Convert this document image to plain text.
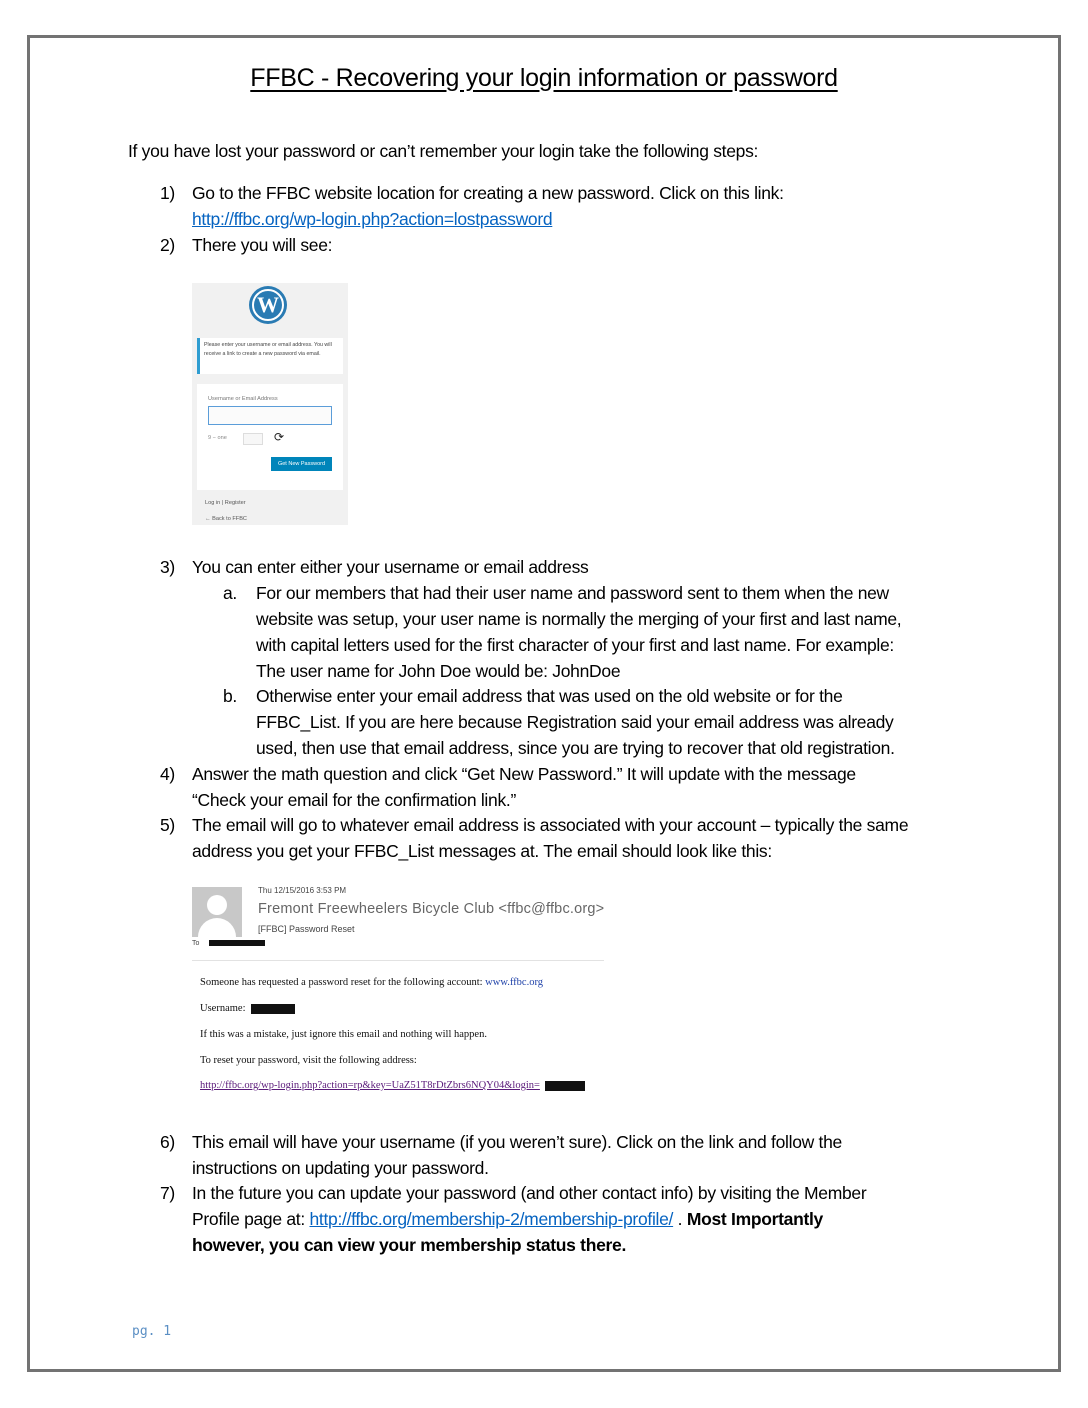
FFBC - Recovering your login information or password
If you have lost your password or can’t remember your login take the following steps:
1) Go to the FFBC website location for creating a new password. Click on this link:
http://ffbc.org/wp-login.php?action=lostpassword
2) There you will see:
W
Please enter your username or email address. You will receive a link to create a new password via email.
Username or Email Address
9 − one	⟳
Get New Password
Log in | Register
← Back to FFBC
3) You can enter either your username or email address
a. For our members that had their user name and password sent to them when the new
website was setup, your user name is normally the merging of your first and last name,
with capital letters used for the first character of your first and last name. For example:
The user name for John Doe would be: JohnDoe
b. Otherwise enter your email address that was used on the old website or for the
FFBC_List. If you are here because Registration said your email address was already
used, then use that email address, since you are trying to recover that old registration.
4) Answer the math question and click “Get New Password.” It will update with the message
“Check your email for the confirmation link.”
5) The email will go to whatever email address is associated with your account – typically the same
address you get your FFBC_List messages at. The email should look like this:
Thu 12/15/2016 3:53 PM
Fremont Freewheelers Bicycle Club <ffbc@ffbc.org>
[FFBC] Password Reset
To
Someone has requested a password reset for the following account: www.ffbc.org
Username:
If this was a mistake, just ignore this email and nothing will happen.
To reset your password, visit the following address:
http://ffbc.org/wp-login.php?action=rp&key=UaZ51T8rDtZbrs6NQY04&login=
6) This email will have your username (if you weren’t sure). Click on the link and follow the
instructions on updating your password.
7) In the future you can update your password (and other contact info) by visiting the Member
Profile page at: http://ffbc.org/membership-2/membership-profile/ . Most Importantly
however, you can view your membership status there.
pg. 1
